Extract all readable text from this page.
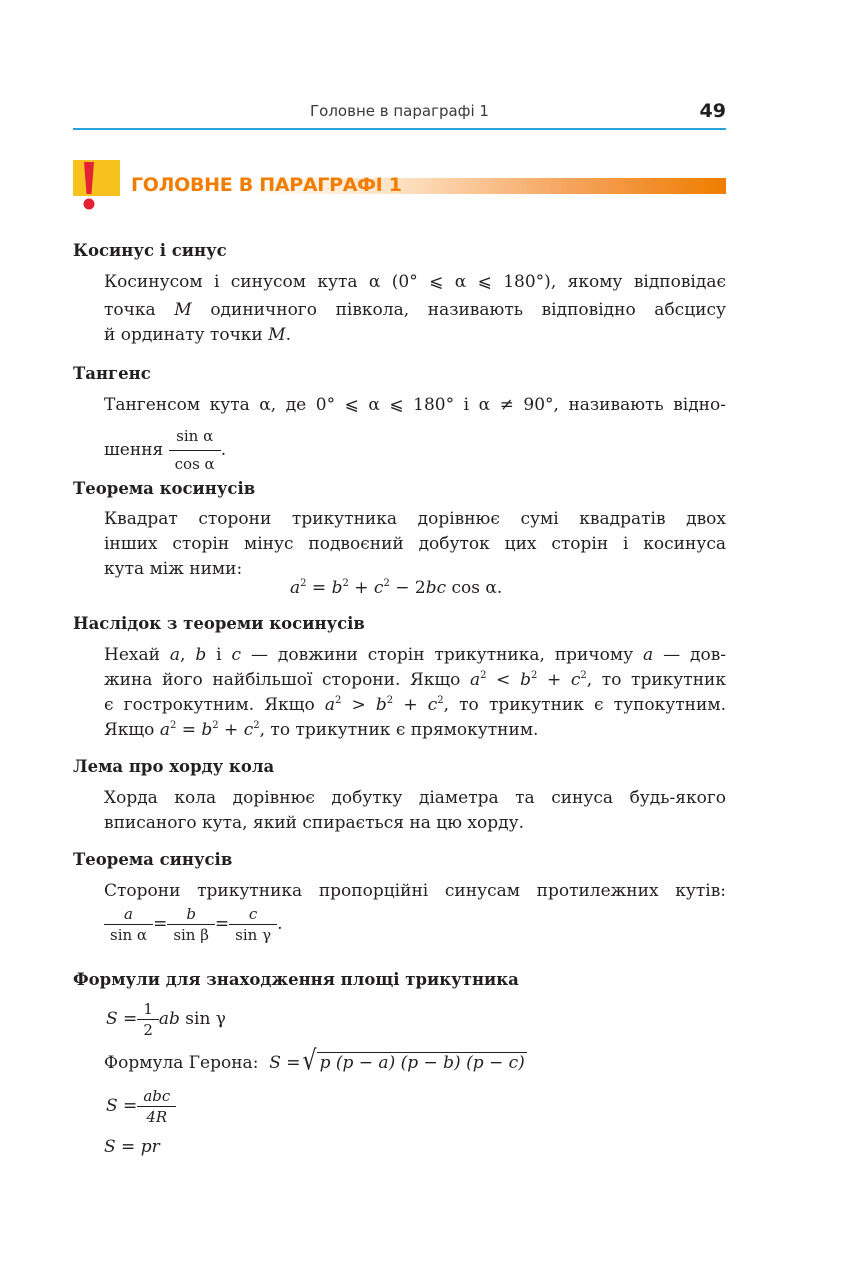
Головне в параграфі 1	49
ГОЛОВНЕ В ПАРАГРАФІ 1
Косинус і синус
Косинусом і синусом кута α (0° ⩽ α ⩽ 180°), якому відповідає
точка M одиничного півкола, називають відповідно абсцису
й ординату точки M.
Тангенс
Тангенсом кута α, де 0° ⩽ α ⩽ 180° і α ≠ 90°, називають відно-
шення $\frac{\text{sin α}}{\text{cos α}}$ .
Теорема косинусів
Квадрат сторони трикутника дорівнює сумі квадратів двох
інших сторін мінус подвоєний добуток цих сторін і косинуса
кута між ними:
$a^2 = b^2 + c^2 - 2bc$ cos α.
Наслідок з теореми косинусів
Нехай a, b і c — довжини сторін трикутника, причому a — дов-
жина його найбільшої сторони. Якщо $a^2 < b^2 + c^2$, то трикутник
є гострокутним. Якщо $a^2 > b^2 + c^2$, то трикутник є тупокутним.
Якщо $a^2 = b^2 + c^2$, то трикутник є прямокутним.
Лема про хорду кола
Хорда кола дорівнює добутку діаметра та синуса будь-якого
вписаного кута, який спирається на цю хорду.
Теорема синусів
Сторони трикутника пропорційні синусам протилежних кутів:
$\frac{a}{\text{sin α}} = \frac{b}{\text{sin β}} = \frac{c}{\text{sin γ}}$ .
Формули для знаходження площі трикутника
$S = \frac{1}{2}$ ab sin γ
Формула Герона: S =√ p (p − a) (p − b) (p − c)
$S = \frac{\text{abc}}{4R}$
S = pr
